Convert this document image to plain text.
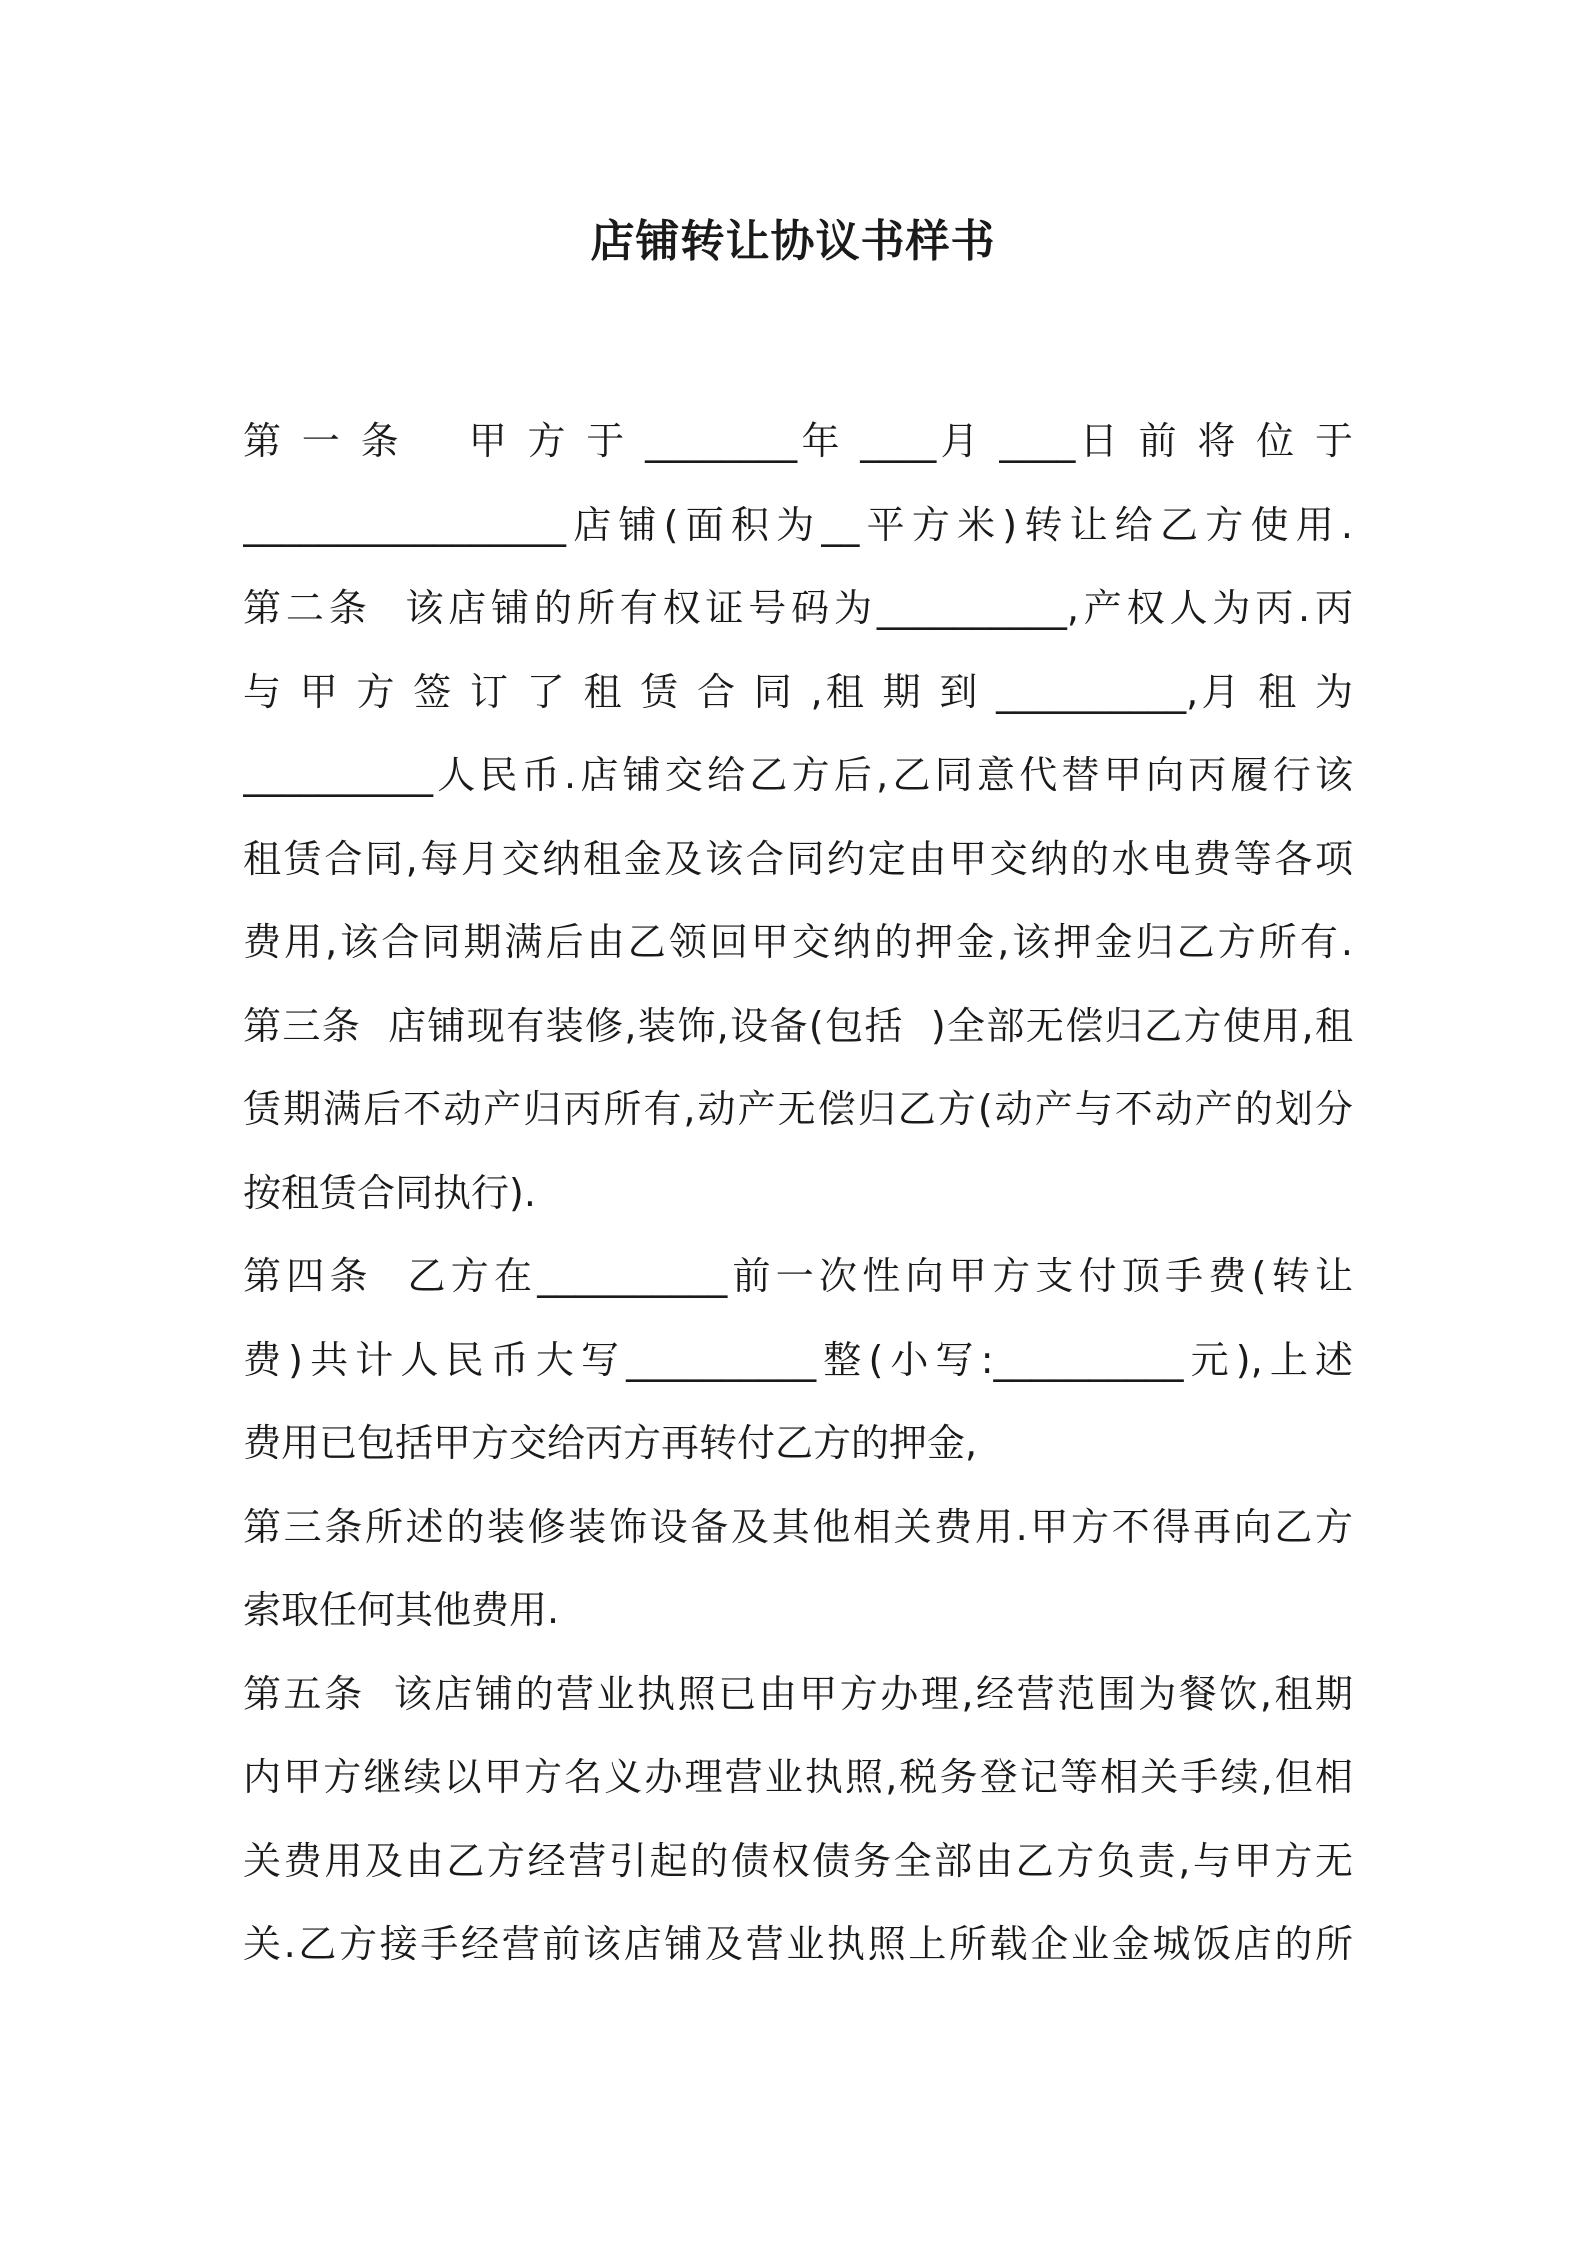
店铺转让协议书样书
第 一 条    甲 方 于 ________年 ____月 ____日 前 将 位 于
_________________店铺(面积为__平方米)转让给乙方使用.
第二条  该店铺的所有权证号码为__________,产权人为丙.丙
与 甲 方 签 订 了 租 赁 合 同 ,租 期 到 __________,月 租 为
__________人民币.店铺交给乙方后,乙同意代替甲向丙履行该
租赁合同,每月交纳租金及该合同约定由甲交纳的水电费等各项
费用,该合同期满后由乙领回甲交纳的押金,该押金归乙方所有.
第三条  店铺现有装修,装饰,设备(包括  )全部无偿归乙方使用,租
赁期满后不动产归丙所有,动产无偿归乙方(动产与不动产的划分
按租赁合同执行).
第四条  乙方在__________前一次性向甲方支付顶手费(转让
费)共计人民币大写__________整(小写:__________元),上述
费用已包括甲方交给丙方再转付乙方的押金,
第三条所述的装修装饰设备及其他相关费用.甲方不得再向乙方
索取任何其他费用.
第五条  该店铺的营业执照已由甲方办理,经营范围为餐饮,租期
内甲方继续以甲方名义办理营业执照,税务登记等相关手续,但相
关费用及由乙方经营引起的债权债务全部由乙方负责,与甲方无
关.乙方接手经营前该店铺及营业执照上所载企业金城饭店的所
